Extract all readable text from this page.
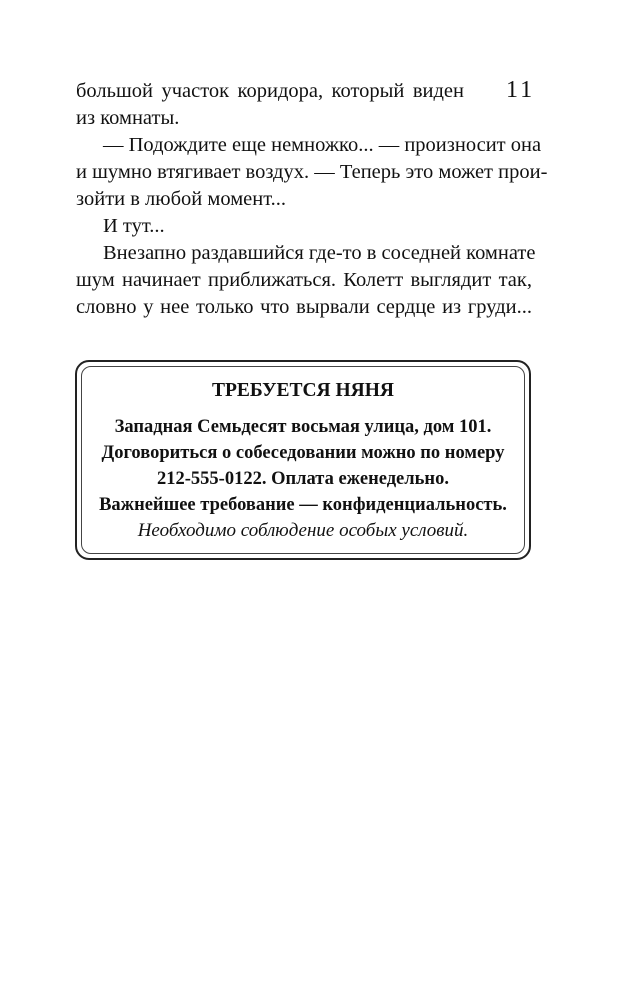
11
большой участок коридора, который виден
из комнаты.
— Подождите еще немножко... — произносит она
и шумно втягивает воздух. — Теперь это может прои-
зойти в любой момент...
И тут...
Внезапно раздавшийся где-то в соседней комнате
шум начинает приближаться. Колетт выглядит так,
словно у нее только что вырвали сердце из груди...
ТРЕБУЕТСЯ НЯНЯ
Западная Семьдесят восьмая улица, дом 101.
Договориться о собеседовании можно по номеру
212-555-0122. Оплата еженедельно.
Важнейшее требование — конфиденциальность.
Необходимо соблюдение особых условий.
